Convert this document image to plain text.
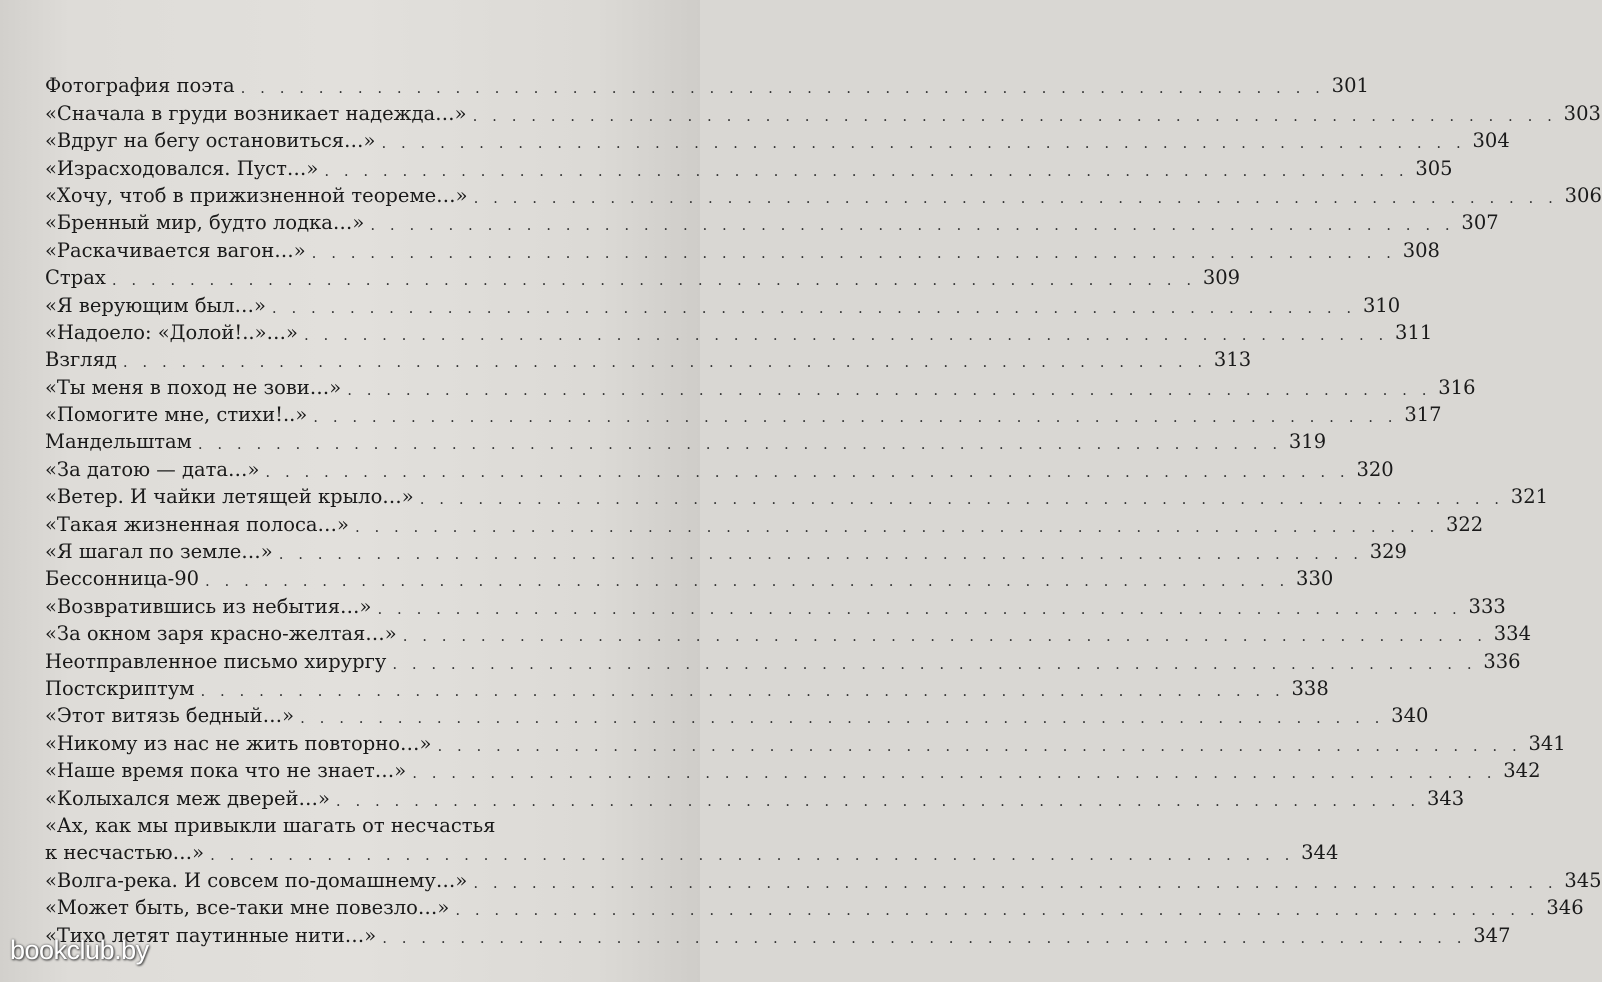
Фотография поэта . . . . . . . . . . . . . . . . . . . . . . . . . . . . . . . . . . . . . . . . . . . . . . . . . . . . . . . . 301
«Сначала в груди возникает надежда…» . . . . . . . . . . . . . . . . . . . . . . . . . . . . . . . . . . . . . . . . . . . . . . . . . . . . . . . . 303
«Вдруг на бегу остановиться…» . . . . . . . . . . . . . . . . . . . . . . . . . . . . . . . . . . . . . . . . . . . . . . . . . . . . . . . . 304
«Израсходовался. Пуст…» . . . . . . . . . . . . . . . . . . . . . . . . . . . . . . . . . . . . . . . . . . . . . . . . . . . . . . . . 305
«Хочу, чтоб в прижизненной теореме…» . . . . . . . . . . . . . . . . . . . . . . . . . . . . . . . . . . . . . . . . . . . . . . . . . . . . . . . . 306
«Бренный мир, будто лодка…» . . . . . . . . . . . . . . . . . . . . . . . . . . . . . . . . . . . . . . . . . . . . . . . . . . . . . . . . 307
«Раскачивается вагон…» . . . . . . . . . . . . . . . . . . . . . . . . . . . . . . . . . . . . . . . . . . . . . . . . . . . . . . . . 308
Страх . . . . . . . . . . . . . . . . . . . . . . . . . . . . . . . . . . . . . . . . . . . . . . . . . . . . . . . . 309
«Я верующим был…» . . . . . . . . . . . . . . . . . . . . . . . . . . . . . . . . . . . . . . . . . . . . . . . . . . . . . . . . 310
«Надоело: «Долой!..»…» . . . . . . . . . . . . . . . . . . . . . . . . . . . . . . . . . . . . . . . . . . . . . . . . . . . . . . . . 311
Взгляд . . . . . . . . . . . . . . . . . . . . . . . . . . . . . . . . . . . . . . . . . . . . . . . . . . . . . . . . 313
«Ты меня в поход не зови…» . . . . . . . . . . . . . . . . . . . . . . . . . . . . . . . . . . . . . . . . . . . . . . . . . . . . . . . . 316
«Помогите мне, стихи!..» . . . . . . . . . . . . . . . . . . . . . . . . . . . . . . . . . . . . . . . . . . . . . . . . . . . . . . . . 317
Мандельштам . . . . . . . . . . . . . . . . . . . . . . . . . . . . . . . . . . . . . . . . . . . . . . . . . . . . . . . . 319
«За датою — дата…» . . . . . . . . . . . . . . . . . . . . . . . . . . . . . . . . . . . . . . . . . . . . . . . . . . . . . . . . 320
«Ветер. И чайки летящей крыло…» . . . . . . . . . . . . . . . . . . . . . . . . . . . . . . . . . . . . . . . . . . . . . . . . . . . . . . . . 321
«Такая жизненная полоса…» . . . . . . . . . . . . . . . . . . . . . . . . . . . . . . . . . . . . . . . . . . . . . . . . . . . . . . . . 322
«Я шагал по земле…» . . . . . . . . . . . . . . . . . . . . . . . . . . . . . . . . . . . . . . . . . . . . . . . . . . . . . . . . 329
Бессонница-90 . . . . . . . . . . . . . . . . . . . . . . . . . . . . . . . . . . . . . . . . . . . . . . . . . . . . . . . . 330
«Возвратившись из небытия…» . . . . . . . . . . . . . . . . . . . . . . . . . . . . . . . . . . . . . . . . . . . . . . . . . . . . . . . . 333
«За окном заря красно-желтая…» . . . . . . . . . . . . . . . . . . . . . . . . . . . . . . . . . . . . . . . . . . . . . . . . . . . . . . . . 334
Неотправленное письмо хирургу . . . . . . . . . . . . . . . . . . . . . . . . . . . . . . . . . . . . . . . . . . . . . . . . . . . . . . . . 336
Постскриптум . . . . . . . . . . . . . . . . . . . . . . . . . . . . . . . . . . . . . . . . . . . . . . . . . . . . . . . . 338
«Этот витязь бедный…» . . . . . . . . . . . . . . . . . . . . . . . . . . . . . . . . . . . . . . . . . . . . . . . . . . . . . . . . 340
«Никому из нас не жить повторно…» . . . . . . . . . . . . . . . . . . . . . . . . . . . . . . . . . . . . . . . . . . . . . . . . . . . . . . . . 341
«Наше время пока что не знает…» . . . . . . . . . . . . . . . . . . . . . . . . . . . . . . . . . . . . . . . . . . . . . . . . . . . . . . . . 342
«Колыхался меж дверей…» . . . . . . . . . . . . . . . . . . . . . . . . . . . . . . . . . . . . . . . . . . . . . . . . . . . . . . . . 343
«Ах, как мы привыкли шагать от несчастья
к несчастью…» . . . . . . . . . . . . . . . . . . . . . . . . . . . . . . . . . . . . . . . . . . . . . . . . . . . . . . . . 344
«Волга-река. И совсем по-домашнему…» . . . . . . . . . . . . . . . . . . . . . . . . . . . . . . . . . . . . . . . . . . . . . . . . . . . . . . . . 345
«Может быть, все-таки мне повезло…» . . . . . . . . . . . . . . . . . . . . . . . . . . . . . . . . . . . . . . . . . . . . . . . . . . . . . . . . 346
«Тихо летят паутинные нити…» . . . . . . . . . . . . . . . . . . . . . . . . . . . . . . . . . . . . . . . . . . . . . . . . . . . . . . . . 347
bookclub.by
